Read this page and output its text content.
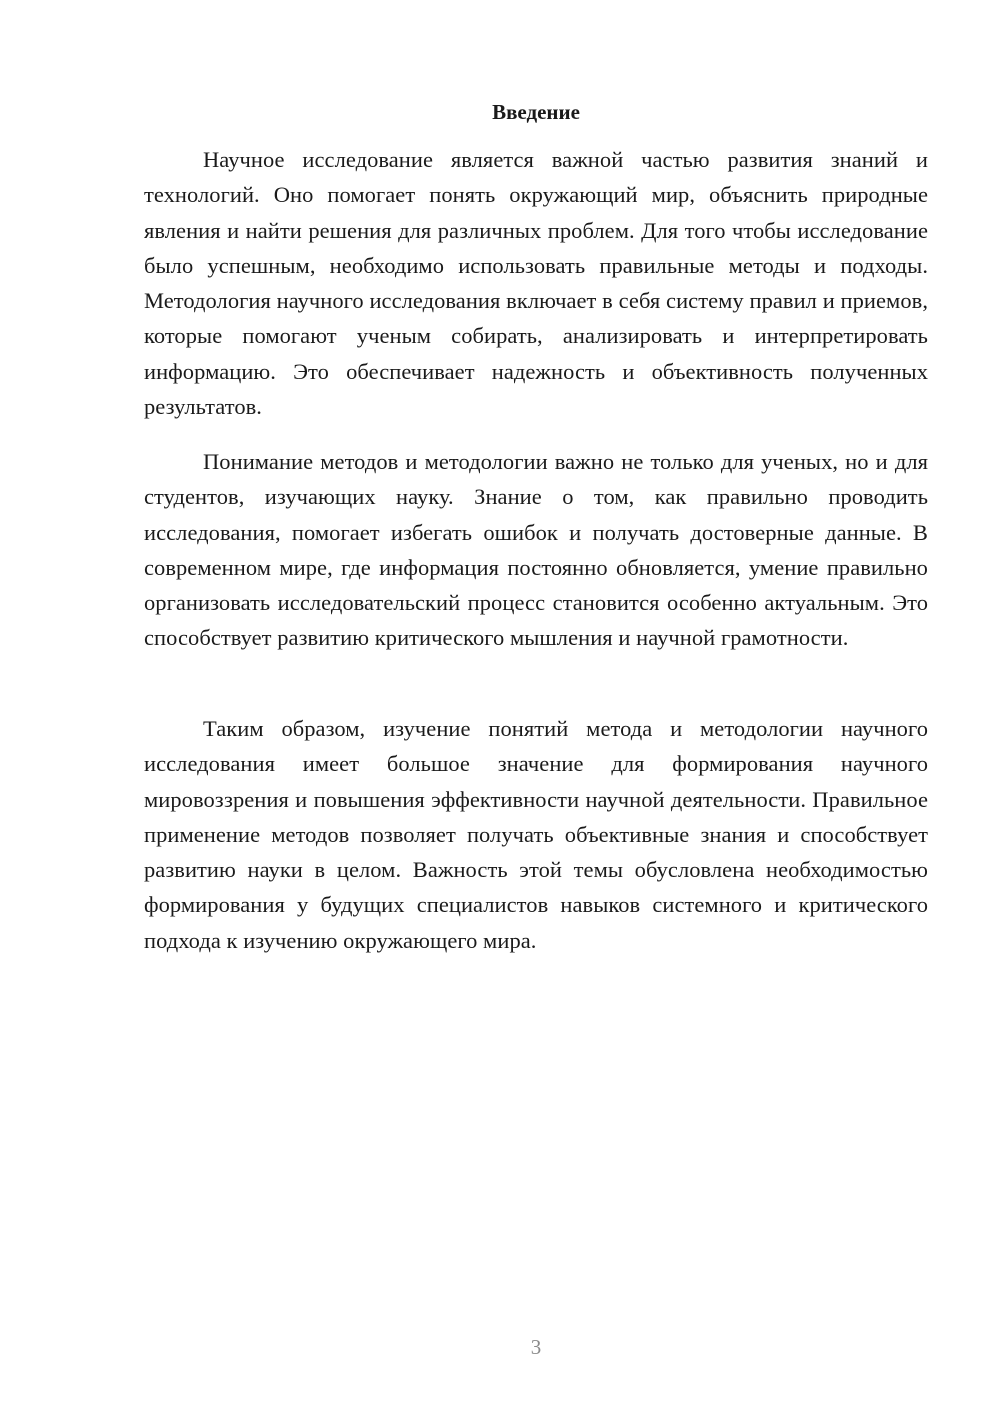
Введение

Научное исследование является важной частью развития знаний и технологий. Оно помогает понять окружающий мир, объяснить природные явления и найти решения для различных проблем. Для того чтобы исследование было успешным, необходимо использовать правильные методы и подходы. Методология научного исследования включает в себя систему правил и приемов, которые помогают ученым собирать, анализировать и интерпретировать информацию. Это обеспечивает надежность и объективность полученных результатов.

Понимание методов и методологии важно не только для ученых, но и для студентов, изучающих науку. Знание о том, как правильно проводить исследования, помогает избегать ошибок и получать достоверные данные. В современном мире, где информация постоянно обновляется, умение правильно организовать исследовательский процесс становится особенно актуальным. Это способствует развитию критического мышления и научной грамотности.

Таким образом, изучение понятий метода и методологии научного исследования имеет большое значение для формирования научного мировоззрения и повышения эффективности научной деятельности. Правильное применение методов позволяет получать объективные знания и способствует развитию науки в целом. Важность этой темы обусловлена необходимостью формирования у будущих специалистов навыков системного и критического подхода к изучению окружающего мира.

3
